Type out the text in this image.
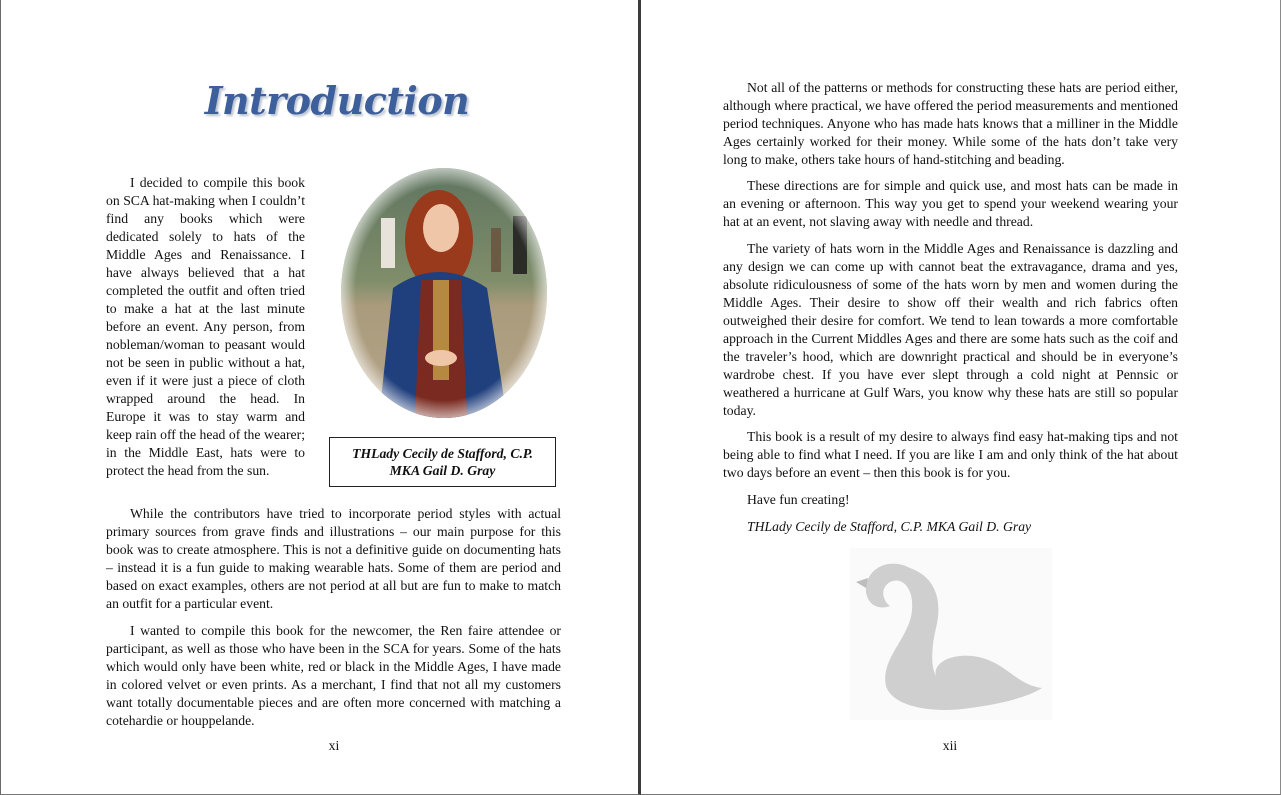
Introduction

I decided to compile this book on SCA hat-making when I couldn’t find any books which were dedicated solely to hats of the Middle Ages and Renaissance. I have always believed that a hat completed the outfit and often tried to make a hat at the last minute before an event. Any person, from nobleman/woman to peasant would not be seen in public without a hat, even if it were just a piece of cloth wrapped around the head. In Europe it was to stay warm and keep rain off the head of the wearer; in the Middle East, hats were to protect the head from the sun.

THLady Cecily de Stafford, C.P.
MKA Gail D. Gray

While the contributors have tried to incorporate period styles with actual primary sources from grave finds and illustrations – our main purpose for this book was to create atmosphere. This is not a definitive guide on documenting hats – instead it is a fun guide to making wearable hats. Some of them are period and based on exact examples, others are not period at all but are fun to make to match an outfit for a particular event.

I wanted to compile this book for the newcomer, the Ren faire attendee or participant, as well as those who have been in the SCA for years. Some of the hats which would only have been white, red or black in the Middle Ages, I have made in colored velvet or even prints. As a merchant, I find that not all my customers want totally documentable pieces and are often more concerned with matching a cotehardie or houppelande.

xi

Not all of the patterns or methods for constructing these hats are period either, although where practical, we have offered the period measurements and mentioned period techniques. Anyone who has made hats knows that a milliner in the Middle Ages certainly worked for their money. While some of the hats don’t take very long to make, others take hours of hand-stitching and beading.

These directions are for simple and quick use, and most hats can be made in an evening or afternoon. This way you get to spend your weekend wearing your hat at an event, not slaving away with needle and thread.

The variety of hats worn in the Middle Ages and Renaissance is dazzling and any design we can come up with cannot beat the extravagance, drama and yes, absolute ridiculousness of some of the hats worn by men and women during the Middle Ages. Their desire to show off their wealth and rich fabrics often outweighed their desire for comfort. We tend to lean towards a more comfortable approach in the Current Middles Ages and there are some hats such as the coif and the traveler’s hood, which are downright practical and should be in everyone’s wardrobe chest. If you have ever slept through a cold night at Pennsic or weathered a hurricane at Gulf Wars, you know why these hats are still so popular today.

This book is a result of my desire to always find easy hat-making tips and not being able to find what I need. If you are like I am and only think of the hat about two days before an event – then this book is for you.

Have fun creating!

THLady Cecily de Stafford, C.P. MKA Gail D. Gray

xii
